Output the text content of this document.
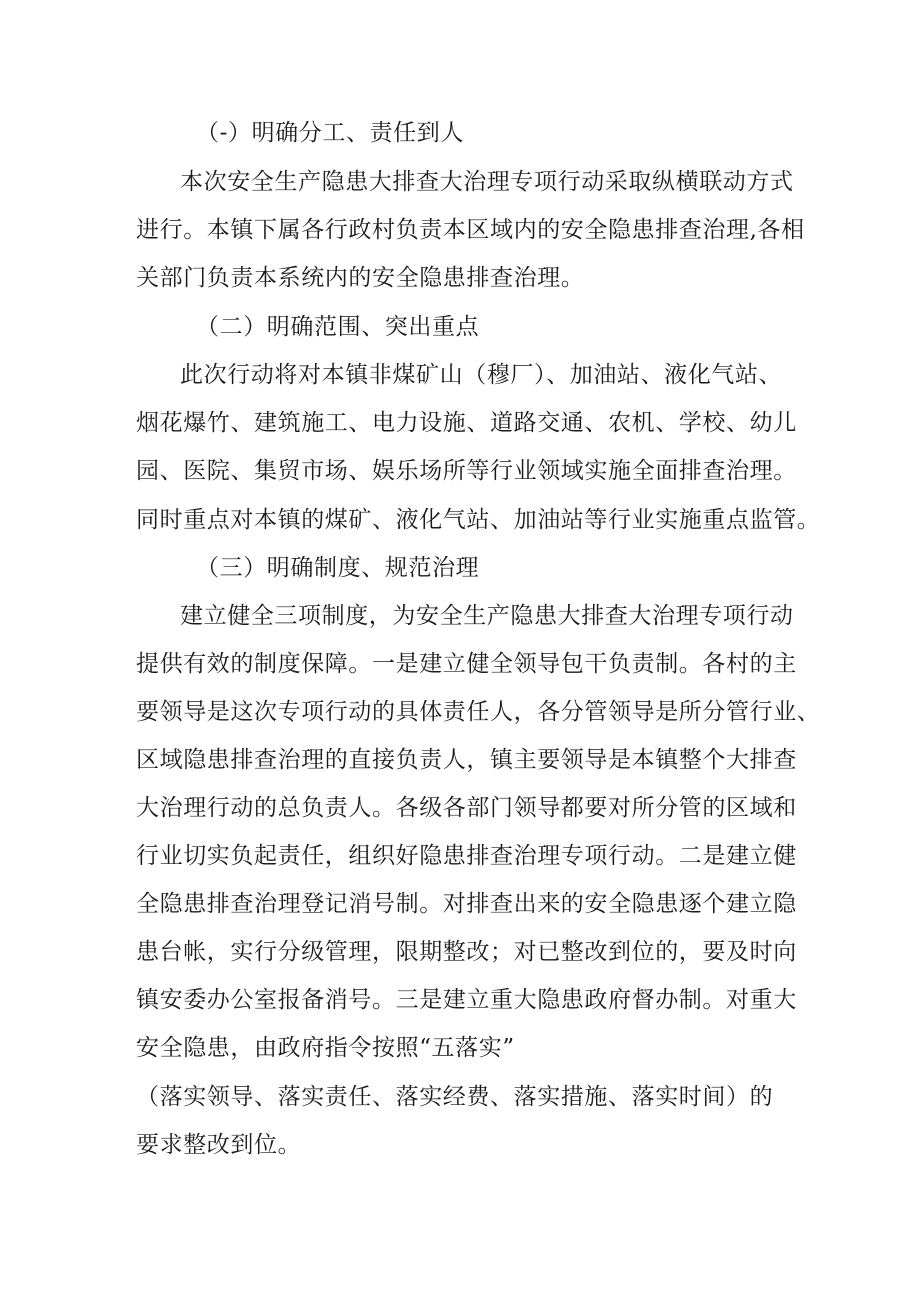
（-）明确分工、责任到人
本次安全生产隐患大排查大治理专项行动采取纵横联动方式
进行。本镇下属各行政村负责本区域内的安全隐患排查治理,各相
关部门负责本系统内的安全隐患排查治理。
（二）明确范围、突出重点
此次行动将对本镇非煤矿山（穆厂）、加油站、液化气站、
烟花爆竹、建筑施工、电力设施、道路交通、农机、学校、幼儿
园、医院、集贸市场、娱乐场所等行业领域实施全面排查治理。
同时重点对本镇的煤矿、液化气站、加油站等行业实施重点监管。
（三）明确制度、规范治理
建立健全三项制度，为安全生产隐患大排查大治理专项行动
提供有效的制度保障。一是建立健全领导包干负责制。各村的主
要领导是这次专项行动的具体责任人，各分管领导是所分管行业、
区域隐患排查治理的直接负责人，镇主要领导是本镇整个大排查
大治理行动的总负责人。各级各部门领导都要对所分管的区域和
行业切实负起责任，组织好隐患排查治理专项行动。二是建立健
全隐患排查治理登记消号制。对排查出来的安全隐患逐个建立隐
患台帐，实行分级管理，限期整改；对已整改到位的，要及时向
镇安委办公室报备消号。三是建立重大隐患政府督办制。对重大
安全隐患，由政府指令按照“五落实”
（落实领导、落实责任、落实经费、落实措施、落实时间）的
要求整改到位。
